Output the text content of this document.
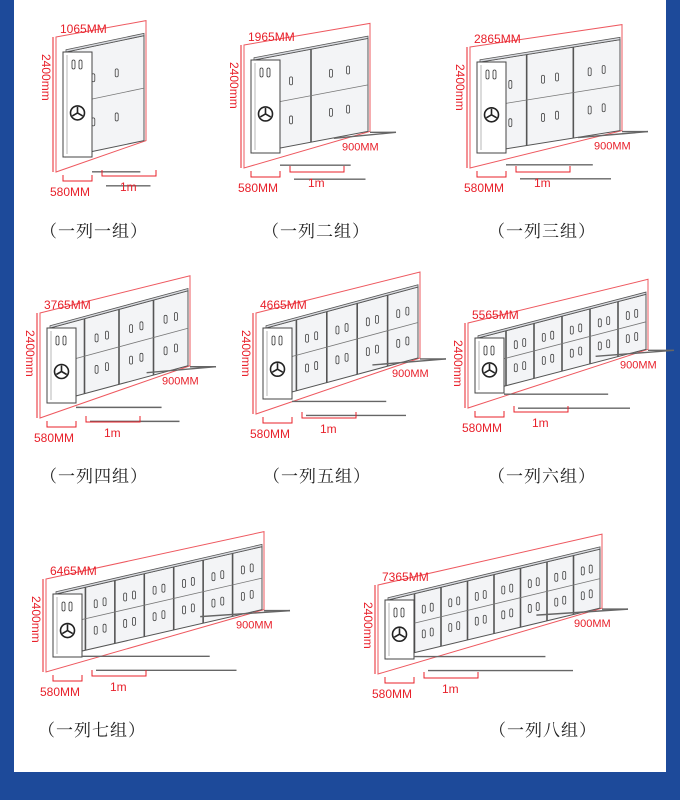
1065MM
2400mm
580MM 1m
1965MM
2400mm
580MM 1m
900MM
2865MM
2400mm
580MM 1m
900MM
3765MM
2400mm
580MM 1m
900MM
4665MM
2400mm
580MM 1m
900MM
5565MM
2400mm
580MM 1m
900MM
6465MM
2400mm
580MM 1m
900MM
7365MM
2400mm
580MM 1m
900MM
（一列一组）	（一列二组）	（一列三组）
（一列四组）	（一列五组）	（一列六组）
（一列七组）	（一列八组）
